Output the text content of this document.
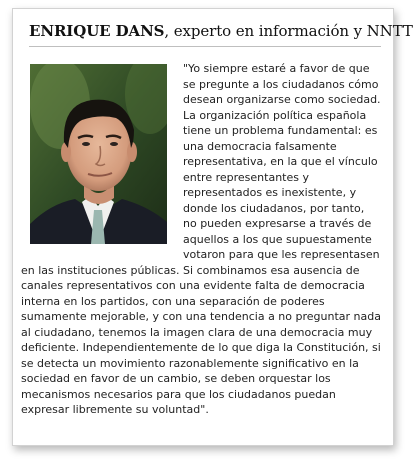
ENRIQUE DANS, experto en información y NNTT
"Yo siempre estaré a favor de que se pregunte a los ciudadanos cómo desean organizarse como sociedad. La organización política española tiene un problema fundamental: es una democracia falsamente representativa, en la que el vínculo entre representantes y representados es inexistente, y donde los ciudadanos, por tanto, no pueden expresarse a través de aquellos a los que supuestamente votaron para que les representasen en las instituciones públicas. Si combinamos esa ausencia de canales representativos con una evidente falta de democracia interna en los partidos, con una separación de poderes sumamente mejorable, y con una tendencia a no preguntar nada al ciudadano, tenemos la imagen clara de una democracia muy deficiente. Independientemente de lo que diga la Constitución, si se detecta un movimiento razonablemente significativo en la sociedad en favor de un cambio, se deben orquestar los mecanismos necesarios para que los ciudadanos puedan expresar libremente su voluntad".
